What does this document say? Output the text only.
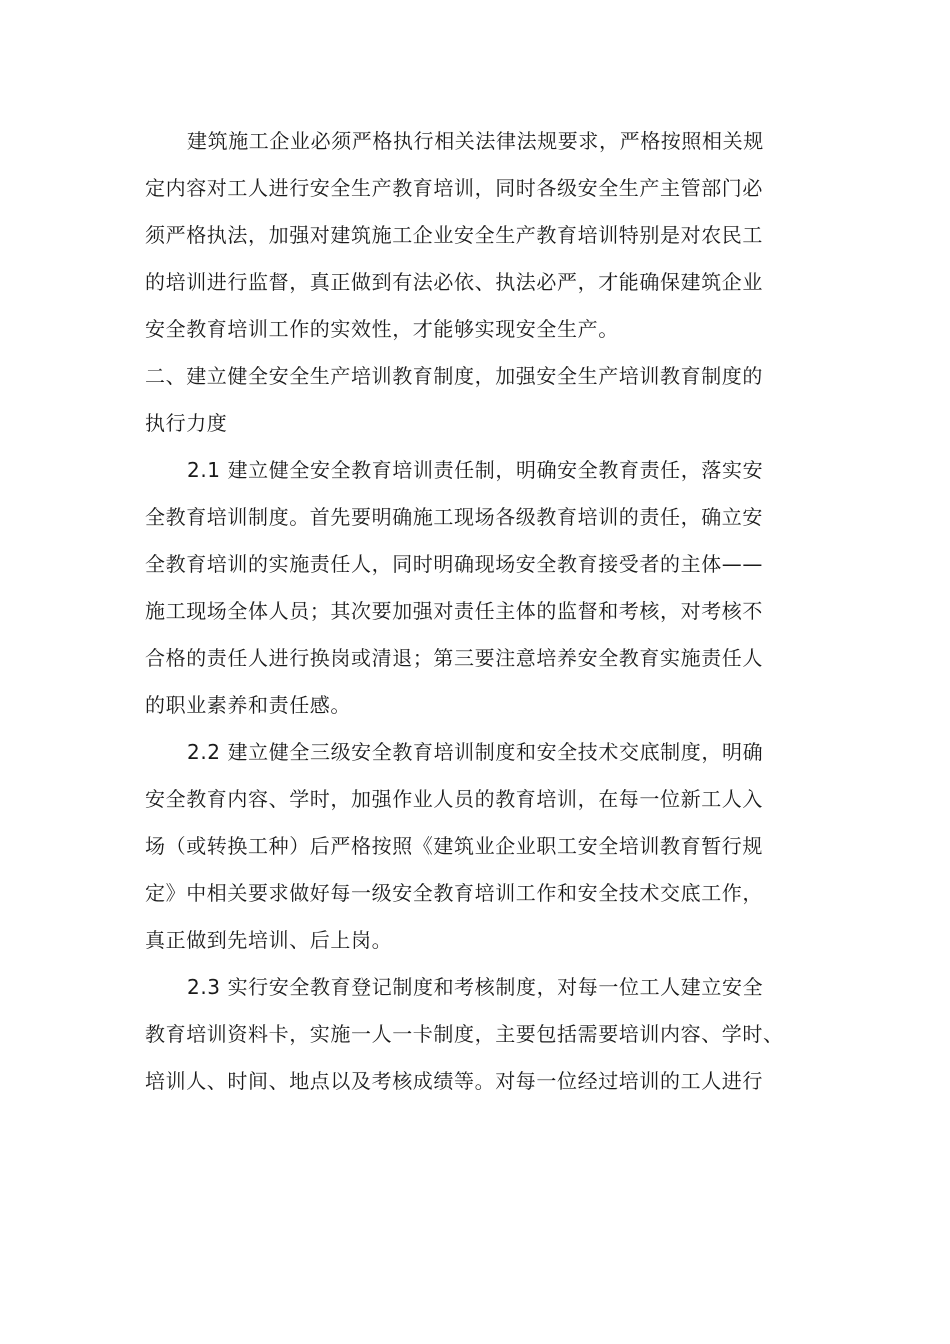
建筑施工企业必须严格执行相关法律法规要求，严格按照相关规
定内容对工人进行安全生产教育培训，同时各级安全生产主管部门必
须严格执法，加强对建筑施工企业安全生产教育培训特别是对农民工
的培训进行监督，真正做到有法必依、执法必严，才能确保建筑企业
安全教育培训工作的实效性，才能够实现安全生产。

二、建立健全安全生产培训教育制度，加强安全生产培训教育制度的
执行力度

2.1 建立健全安全教育培训责任制，明确安全教育责任，落实安
全教育培训制度。首先要明确施工现场各级教育培训的责任，确立安
全教育培训的实施责任人，同时明确现场安全教育接受者的主体——
施工现场全体人员；其次要加强对责任主体的监督和考核，对考核不
合格的责任人进行换岗或清退；第三要注意培养安全教育实施责任人
的职业素养和责任感。

2.2 建立健全三级安全教育培训制度和安全技术交底制度，明确
安全教育内容、学时，加强作业人员的教育培训，在每一位新工人入
场（或转换工种）后严格按照《建筑业企业职工安全培训教育暂行规
定》中相关要求做好每一级安全教育培训工作和安全技术交底工作，
真正做到先培训、后上岗。

2.3 实行安全教育登记制度和考核制度，对每一位工人建立安全
教育培训资料卡，实施一人一卡制度，主要包括需要培训内容、学时、
培训人、时间、地点以及考核成绩等。对每一位经过培训的工人进行
